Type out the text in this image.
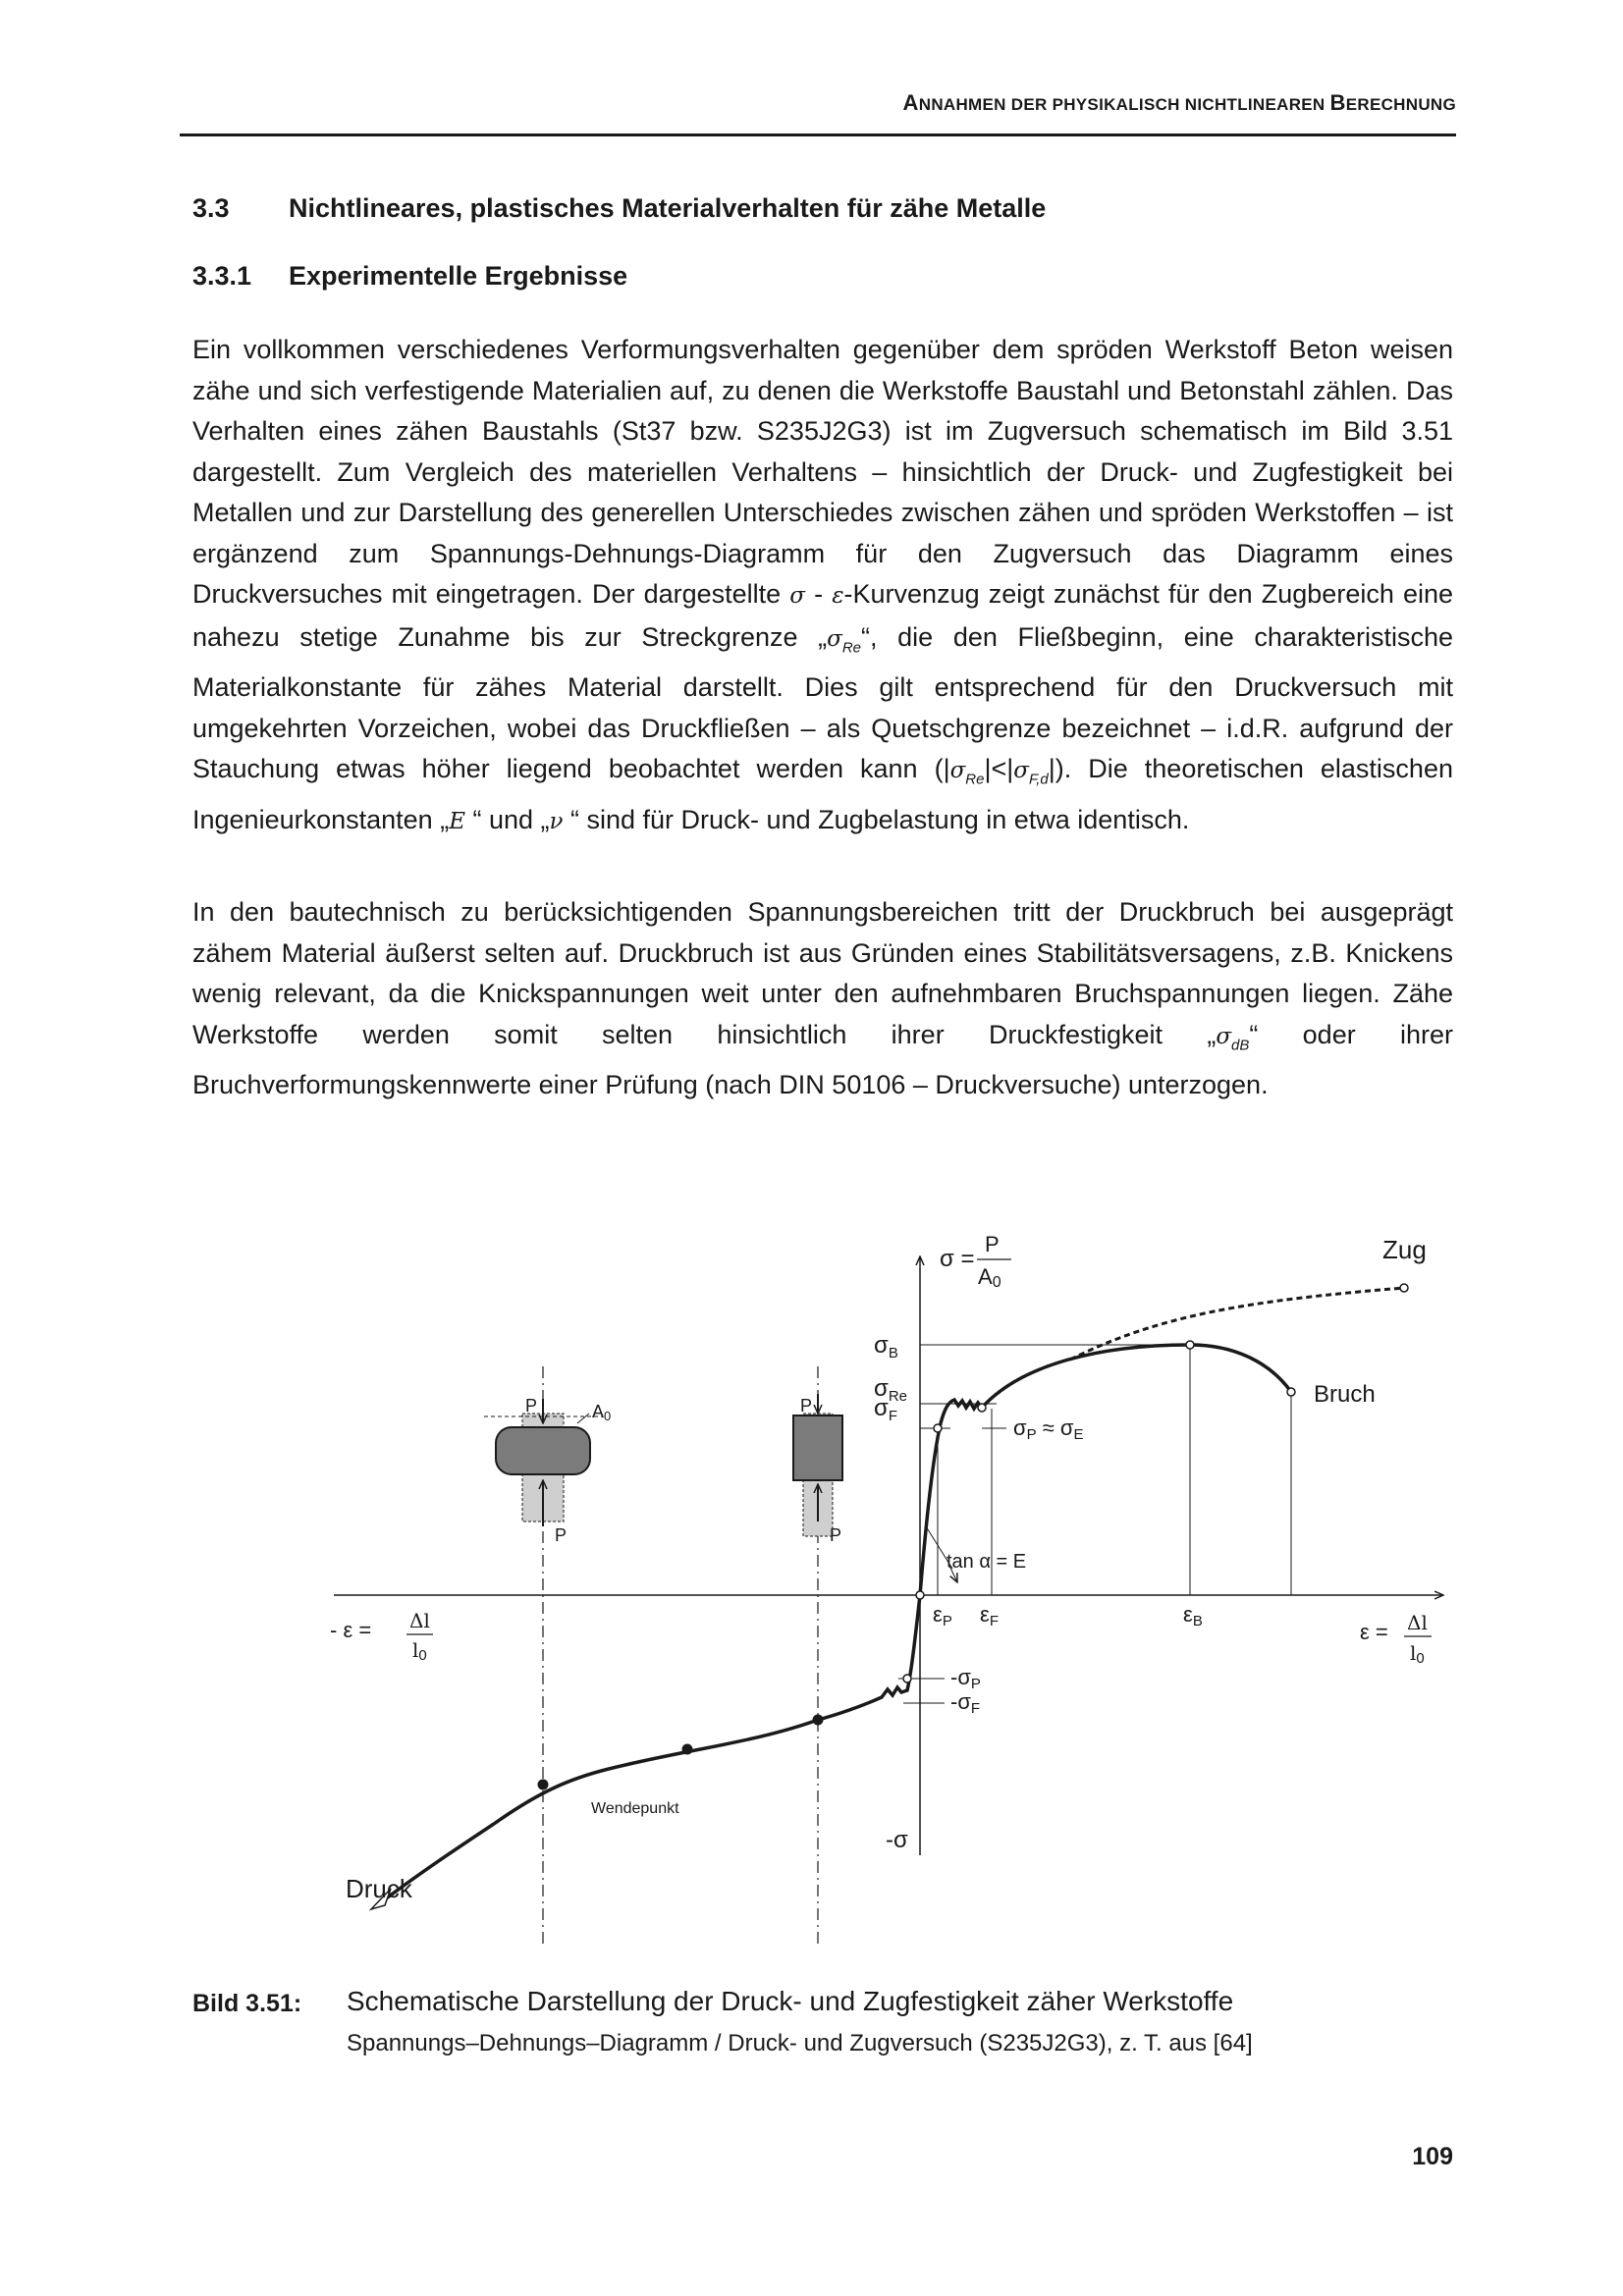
ANNAHMEN DER PHYSIKALISCH NICHTLINEAREN BERECHNUNG
3.3 Nichtlineares, plastisches Materialverhalten für zähe Metalle
3.3.1 Experimentelle Ergebnisse

Ein vollkommen verschiedenes Verformungsverhalten gegenüber dem spröden Werkstoff Beton weisen zähe und sich verfestigende Materialien auf, zu denen die Werkstoffe Baustahl und Betonstahl zählen. Das Verhalten eines zähen Baustahls (St37 bzw. S235J2G3) ist im Zugversuch schematisch im Bild 3.51 dargestellt. Zum Vergleich des materiellen Verhaltens – hinsichtlich der Druck- und Zugfestigkeit bei Metallen und zur Darstellung des generellen Unterschiedes zwischen zähen und spröden Werkstoffen – ist ergänzend zum Spannungs-Dehnungs-Diagramm für den Zugversuch das Diagramm eines Druckversuches mit eingetragen. Der dargestellte σ - ε-Kurvenzug zeigt zunächst für den Zugbereich eine nahezu stetige Zunahme bis zur Streckgrenze $„\sigma_{Re}“$, die den Fließbeginn, eine charakteristische Materialkonstante für zähes Material darstellt. Dies gilt entsprechend für den Druckversuch mit umgekehrten Vorzeichen, wobei das Druckfließen – als Quetschgrenze bezeichnet – i.d.R. aufgrund der Stauchung etwas höher liegend beobachtet werden kann $(|\sigma_{Re}|<|\sigma_{F,d}|)$. Die theoretischen elastischen Ingenieurkonstanten „E “ und „ν “ sind für Druck- und Zugbelastung in etwa identisch.

In den bautechnisch zu berücksichtigenden Spannungsbereichen tritt der Druckbruch bei ausgeprägt zähem Material äußerst selten auf. Druckbruch ist aus Gründen eines Stabilitätsversagens, z.B. Knickens wenig relevant, da die Knickspannungen weit unter den aufnehmbaren Bruchspannungen liegen. Zähe Werkstoffe werden somit selten hinsichtlich ihrer Druckfestigkeit $„\sigma_{dB}“$ oder ihrer Bruchverformungskennwerte einer Prüfung (nach DIN 50106 – Druckversuche) unterzogen.

Zug
Druck
Bruch
Wendepunkt
σ =
P
A0
$\sigma_B$
$\sigma_{Re}$
$\sigma_F$	σP ≈ σE
tan α = E
εP εF	εB
- ε = Δl
l0
ε = Δl
l0
-σP
-σF
-σ
P
P
A0
P
P
Bild 3.51: Schematische Darstellung der Druck- und Zugfestigkeit zäher Werkstoffe
Spannungs–Dehnungs–Diagramm / Druck- und Zugversuch (S235J2G3), z. T. aus [64]
109
